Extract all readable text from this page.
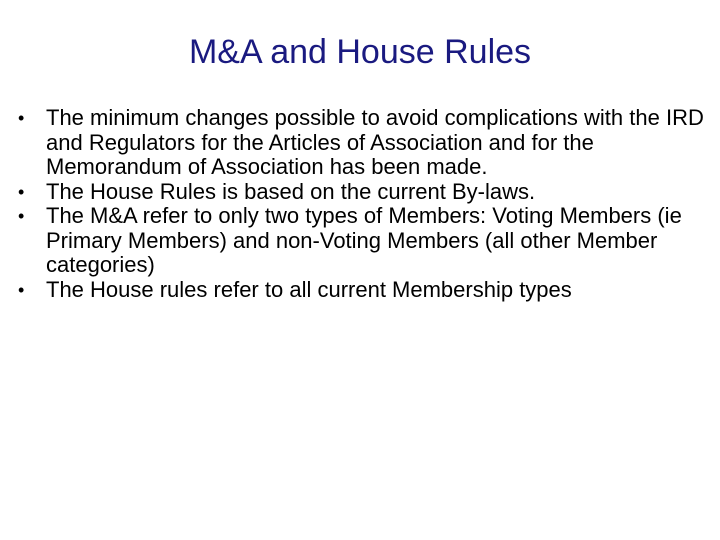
M&A and House Rules
• The minimum changes possible to avoid complications with the IRD and Regulators for the Articles of Association and for the Memorandum of Association has been made.
• The House Rules is based on the current By-laws.
• The M&A refer to only two types of Members: Voting Members (ie Primary Members) and non-Voting Members (all other Member categories)
• The House rules refer to all current Membership types
